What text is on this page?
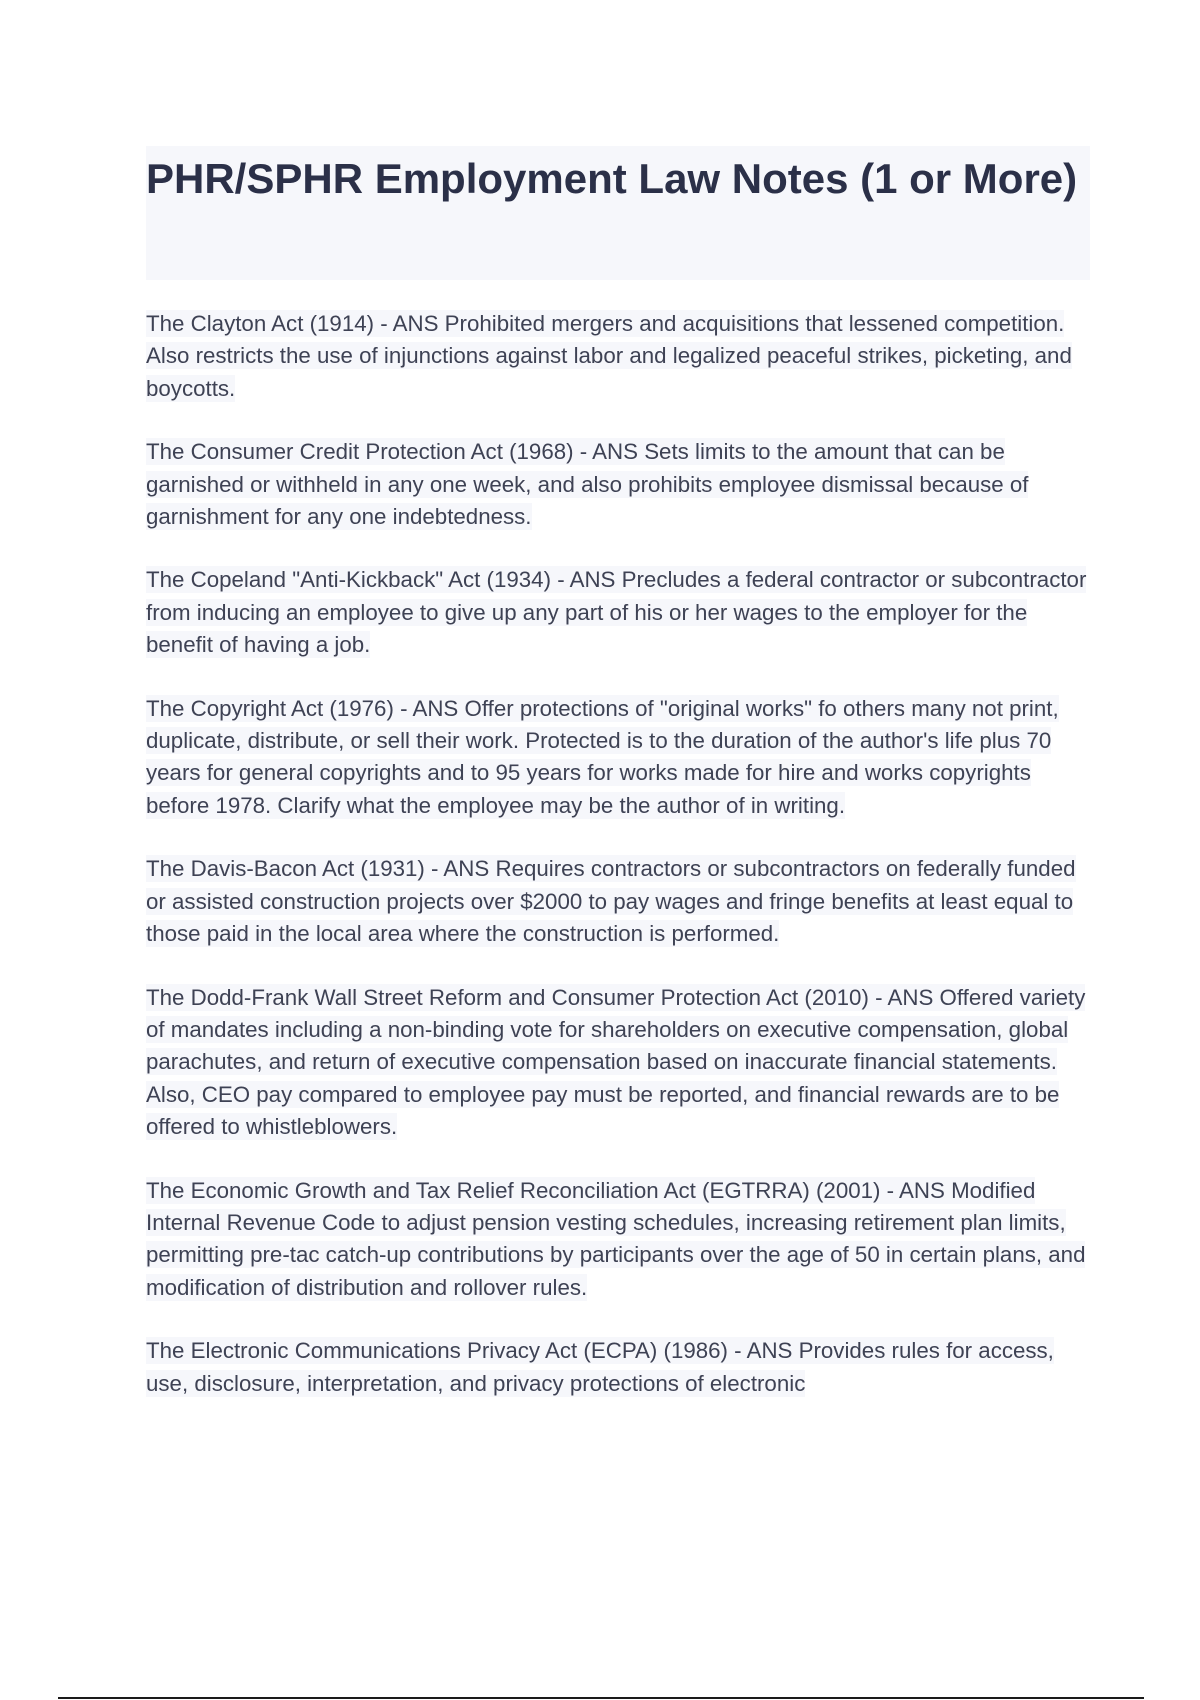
PHR/SPHR Employment Law Notes (1 or More)

The Clayton Act (1914) - ANS Prohibited mergers and acquisitions that lessened competition. Also restricts the use of injunctions against labor and legalized peaceful strikes, picketing, and boycotts.

The Consumer Credit Protection Act (1968) - ANS Sets limits to the amount that can be garnished or withheld in any one week, and also prohibits employee dismissal because of garnishment for any one indebtedness.

The Copeland "Anti-Kickback" Act (1934) - ANS Precludes a federal contractor or subcontractor from inducing an employee to give up any part of his or her wages to the employer for the benefit of having a job.

The Copyright Act (1976) - ANS Offer protections of "original works" fo others many not print, duplicate, distribute, or sell their work. Protected is to the duration of the author's life plus 70 years for general copyrights and to 95 years for works made for hire and works copyrights before 1978. Clarify what the employee may be the author of in writing.

The Davis-Bacon Act (1931) - ANS Requires contractors or subcontractors on federally funded or assisted construction projects over $2000 to pay wages and fringe benefits at least equal to those paid in the local area where the construction is performed.

The Dodd-Frank Wall Street Reform and Consumer Protection Act (2010) - ANS Offered variety of mandates including a non-binding vote for shareholders on executive compensation, global parachutes, and return of executive compensation based on inaccurate financial statements. Also, CEO pay compared to employee pay must be reported, and financial rewards are to be offered to whistleblowers.

The Economic Growth and Tax Relief Reconciliation Act (EGTRRA) (2001) - ANS Modified Internal Revenue Code to adjust pension vesting schedules, increasing retirement plan limits, permitting pre-tac catch-up contributions by participants over the age of 50 in certain plans, and modification of distribution and rollover rules.

The Electronic Communications Privacy Act (ECPA) (1986) - ANS Provides rules for access, use, disclosure, interpretation, and privacy protections of electronic
